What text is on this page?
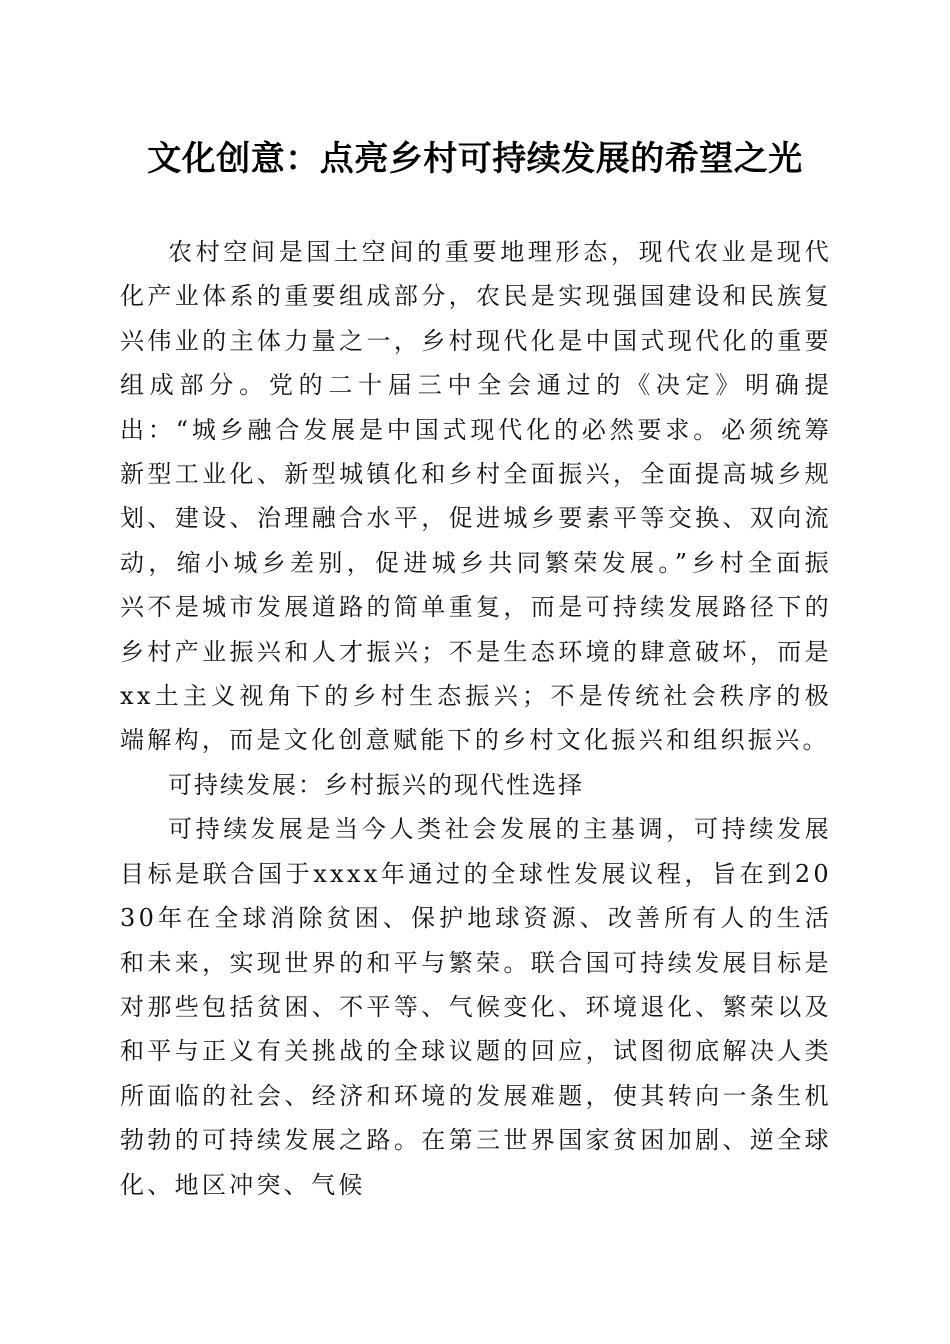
文化创意：点亮乡村可持续发展的希望之光

农村空间是国土空间的重要地理形态，现代农业是现代化产业体系的重要组成部分，农民是实现强国建设和民族复兴伟业的主体力量之一，乡村现代化是中国式现代化的重要组成部分。党的二十届三中全会通过的《决定》明确提出：“城乡融合发展是中国式现代化的必然要求。必须统筹新型工业化、新型城镇化和乡村全面振兴，全面提高城乡规划、建设、治理融合水平，促进城乡要素平等交换、双向流动，缩小城乡差别，促进城乡共同繁荣发展。”乡村全面振兴不是城市发展道路的简单重复，而是可持续发展路径下的乡村产业振兴和人才振兴；不是生态环境的肆意破坏，而是xx土主义视角下的乡村生态振兴；不是传统社会秩序的极端解构，而是文化创意赋能下的乡村文化振兴和组织振兴。

可持续发展：乡村振兴的现代性选择

可持续发展是当今人类社会发展的主基调，可持续发展目标是联合国于xxxx年通过的全球性发展议程，旨在到2030年在全球消除贫困、保护地球资源、改善所有人的生活和未来，实现世界的和平与繁荣。联合国可持续发展目标是对那些包括贫困、不平等、气候变化、环境退化、繁荣以及和平与正义有关挑战的全球议题的回应，试图彻底解决人类所面临的社会、经济和环境的发展难题，使其转向一条生机勃勃的可持续发展之路。在第三世界国家贫困加剧、逆全球化、地区冲突、气候
